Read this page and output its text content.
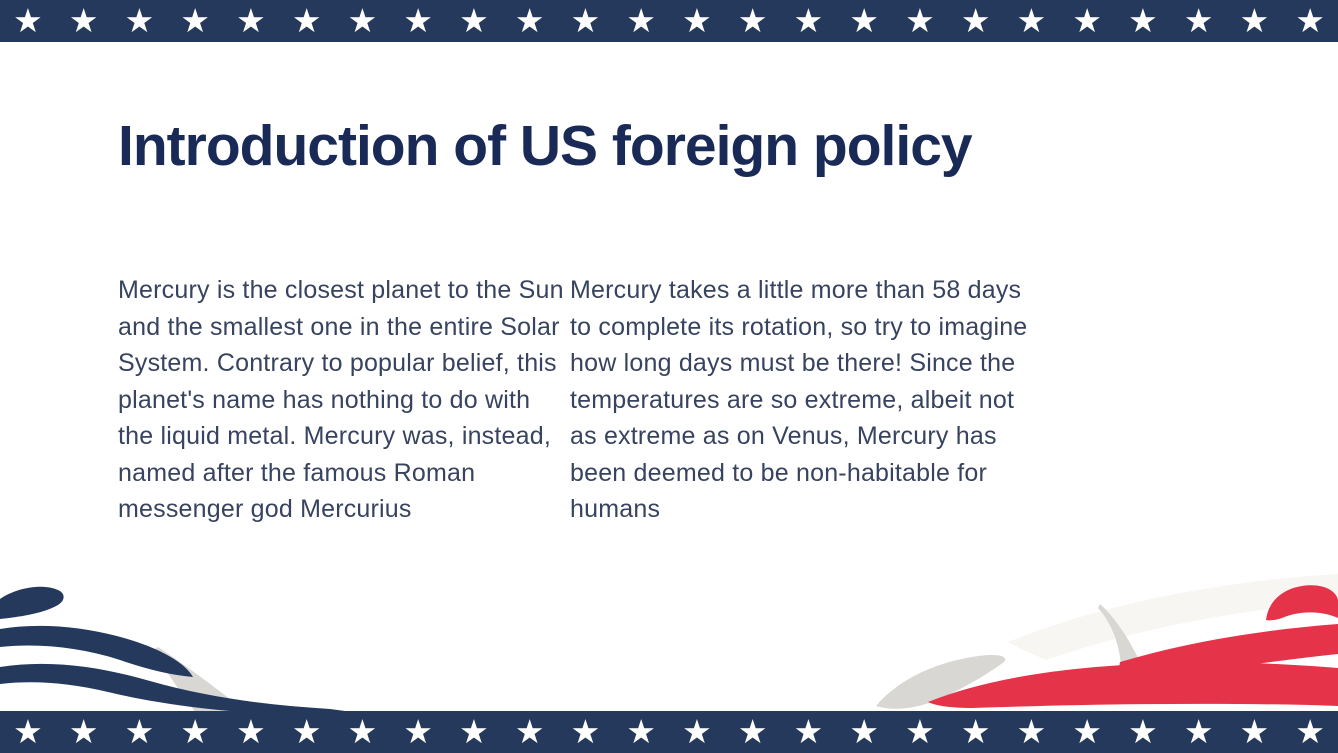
★ ★ ★ ★ ★ ★ ★ ★ ★ ★ ★ ★ ★ ★ ★ ★ ★ ★ ★ ★ ★ ★ ★ ★
Introduction of US foreign policy

Mercury is the closest planet to the Sun and the smallest one in the entire Solar System. Contrary to popular belief, this planet's name has nothing to do with the liquid metal. Mercury was, instead, named after the famous Roman messenger god Mercurius

Mercury takes a little more than 58 days to complete its rotation, so try to imagine how long days must be there! Since the temperatures are so extreme, albeit not as extreme as on Venus, Mercury has been deemed to be non-habitable for humans

★ ★ ★ ★ ★ ★ ★ ★ ★ ★ ★ ★ ★ ★ ★ ★ ★ ★ ★ ★ ★ ★ ★ ★
